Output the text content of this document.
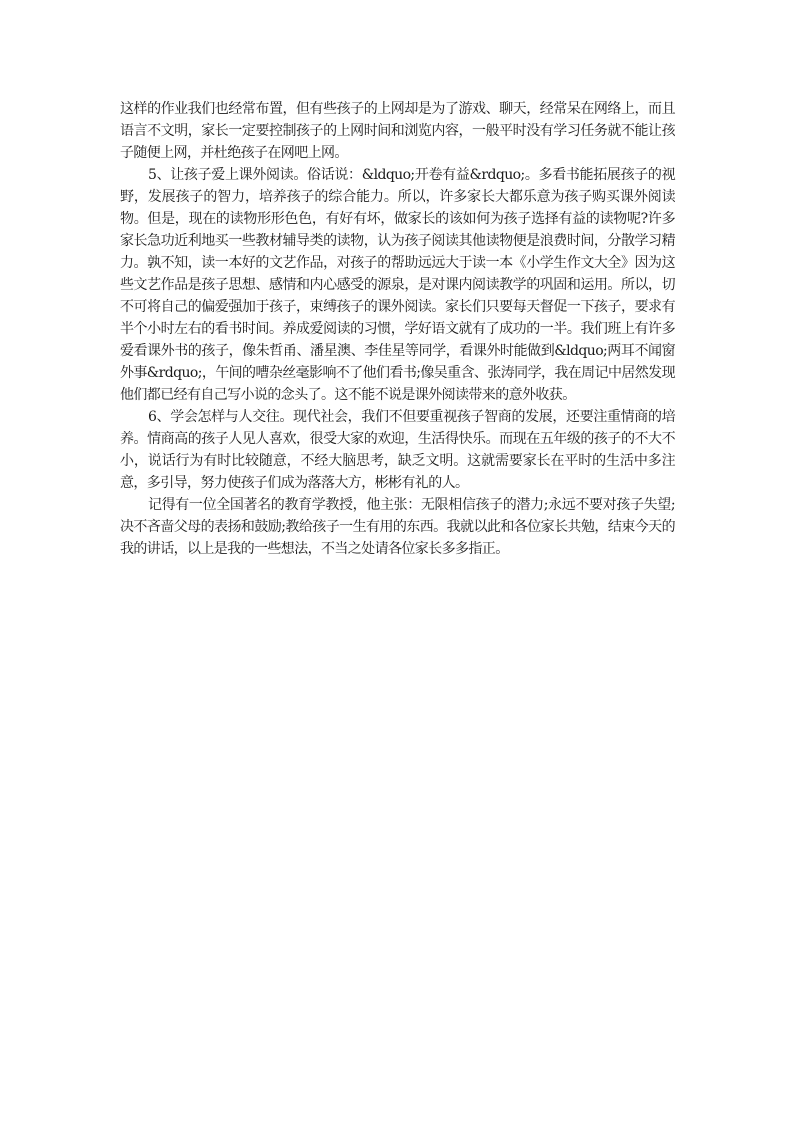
这样的作业我们也经常布置，但有些孩子的上网却是为了游戏、聊天，经常呆在网络上，而且语言不文明，家长一定要控制孩子的上网时间和浏览内容，一般平时没有学习任务就不能让孩子随便上网，并杜绝孩子在网吧上网。

5、让孩子爱上课外阅读。俗话说：&ldquo;开卷有益&rdquo;。多看书能拓展孩子的视野，发展孩子的智力，培养孩子的综合能力。所以，许多家长大都乐意为孩子购买课外阅读物。但是，现在的读物形形色色，有好有坏，做家长的该如何为孩子选择有益的读物呢?许多家长急功近利地买一些教材辅导类的读物，认为孩子阅读其他读物便是浪费时间，分散学习精力。孰不知，读一本好的文艺作品，对孩子的帮助远远大于读一本《小学生作文大全》因为这些文艺作品是孩子思想、感情和内心感受的源泉，是对课内阅读教学的巩固和运用。所以，切不可将自己的偏爱强加于孩子，束缚孩子的课外阅读。家长们只要每天督促一下孩子，要求有半个小时左右的看书时间。养成爱阅读的习惯，学好语文就有了成功的一半。我们班上有许多爱看课外书的孩子，像朱哲甬、潘星澳、李佳星等同学，看课外时能做到&ldquo;两耳不闻窗外事&rdquo;，午间的嘈杂丝毫影响不了他们看书;像吴重含、张涛同学，我在周记中居然发现他们都已经有自己写小说的念头了。这不能不说是课外阅读带来的意外收获。

6、学会怎样与人交往。现代社会，我们不但要重视孩子智商的发展，还要注重情商的培养。情商高的孩子人见人喜欢，很受大家的欢迎，生活得快乐。而现在五年级的孩子的不大不小，说话行为有时比较随意，不经大脑思考，缺乏文明。这就需要家长在平时的生活中多注意，多引导，努力使孩子们成为落落大方，彬彬有礼的人。

记得有一位全国著名的教育学教授，他主张：无限相信孩子的潜力;永远不要对孩子失望;决不吝啬父母的表扬和鼓励;教给孩子一生有用的东西。我就以此和各位家长共勉，结束今天的我的讲话，以上是我的一些想法，不当之处请各位家长多多指正。
